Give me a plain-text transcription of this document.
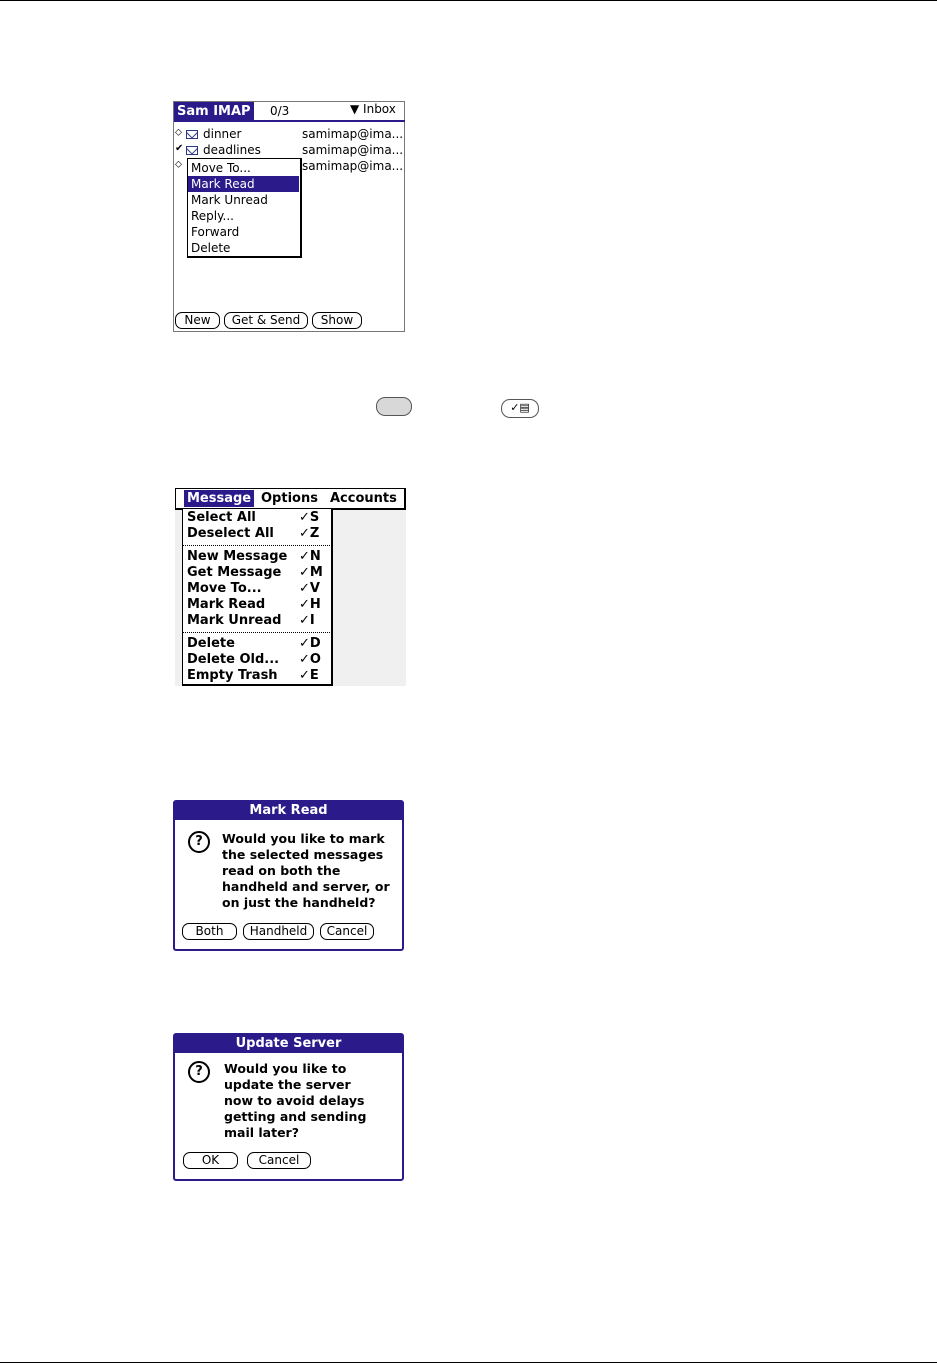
Sam IMAP 0/3	▼ Inbox
⬦ dinner	samimap@ima...
✔ deadlines	samimap@ima...
⬦	samimap@ima...
Move To...
Mark Read
Mark Unread
Reply...
Forward
Delete
New	Get & Send	Show
✓▤
Message Options Accounts
Select All	✓S
Deselect All ✓Z
New Message ✓N
Get Message ✓M
Move To...	✓V
Mark Read	✓H
Mark Unread ✓I
Delete	✓D
Delete Old... ✓O
Empty Trash ✓E
Mark Read
?	Would you like to mark
the selected messages
read on both the
handheld and server, or
on just the handheld?
Both	Handheld	Cancel
Update Server
?	Would you like to
update the server
now to avoid delays
getting and sending
mail later?
OK	Cancel
